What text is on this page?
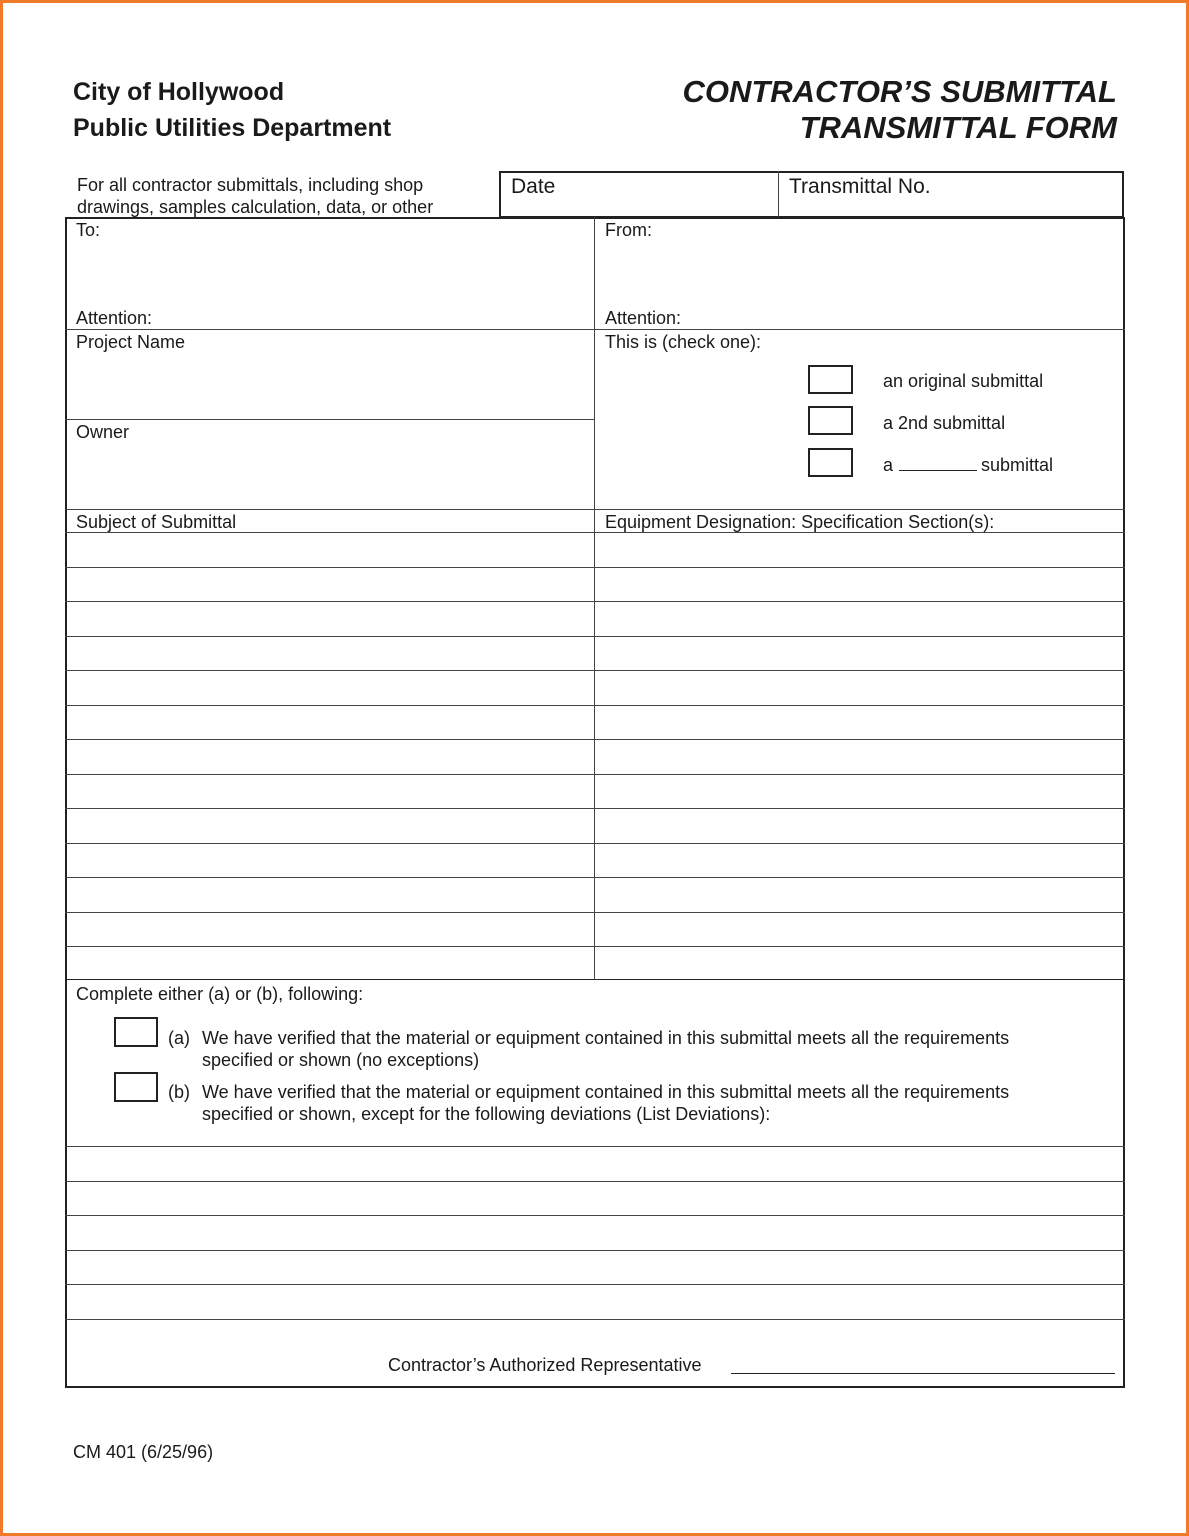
City of Hollywood
Public Utilities Department
CONTRACTOR’S SUBMITTAL
TRANSMITTAL FORM
For all contractor submittals, including shop
drawings, samples calculation, data, or other
Date	Transmittal No.
To:	From:
Attention:	Attention:
Project Name
Owner
This is (check one):
an original submittal
a 2nd submittal
a	submittal
Subject of Submittal	Equipment Designation: Specification Section(s):
Complete either (a) or (b), following:
(a) We have verified that the material or equipment contained in this submittal meets all the requirements
specified or shown (no exceptions)
(b) We have verified that the material or equipment contained in this submittal meets all the requirements
specified or shown, except for the following deviations (List Deviations):
Contractor’s Authorized Representative
CM 401 (6/25/96)
